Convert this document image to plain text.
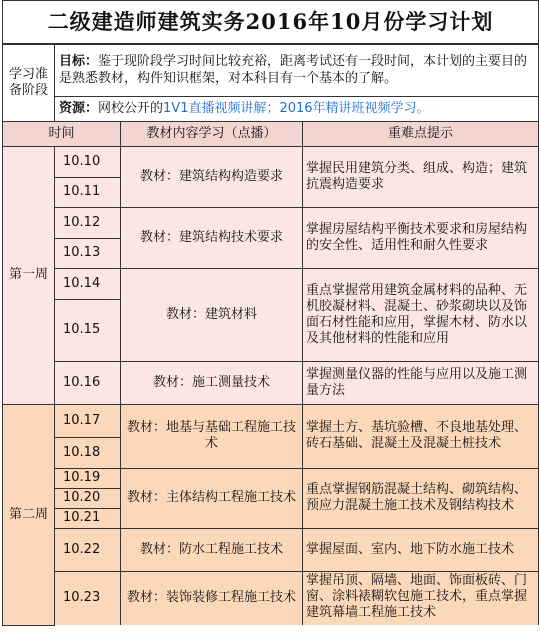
二级建造师建筑实务2016年10月份学习计划			
学习准备阶段	目标：鉴于现阶段学习时间比较充裕，距离考试还有一段时间，本计划的主要目的是熟悉教材，构件知识框架，对本科目有一个基本的了解。		
	资源：网校公开的1V1直播视频讲解；2016年精讲班视频学习。		
时间		教材内容学习（点播）	重难点提示
第一周	10.10	教材：建筑结构构造要求	掌握民用建筑分类、组成、构造；建筑抗震构造要求
	10.11		
	10.12	教材：建筑结构技术要求	掌握房屋结构平衡技术要求和房屋结构的安全性、适用性和耐久性要求
	10.13		
	10.14	教材：建筑材料	重点掌握常用建筑金属材料的品种、无机胶凝材料、混凝土、砂浆砌块以及饰面石材性能和应用，掌握木材、防水以及其他材料的性能和应用
	10.15		
	10.16	教材：施工测量技术	掌握测量仪器的性能与应用以及施工测量方法
第二周	10.17	教材：地基与基础工程施工技术	掌握土方、基坑验槽、不良地基处理、砖石基础、混凝土及混凝土桩技术
	10.18		
	10.19	教材：主体结构工程施工技术	重点掌握钢筋混凝土结构、砌筑结构、预应力混凝土施工技术及钢结构技术
	10.20		
	10.21		
	10.22	教材：防水工程施工技术	掌握屋面、室内、地下防水施工技术
	10.23	教材：装饰装修工程施工技术	掌握吊顶、隔墙、地面、饰面板砖、门窗、涂料裱糊软包施工技术，重点掌握建筑幕墙工程施工技术
